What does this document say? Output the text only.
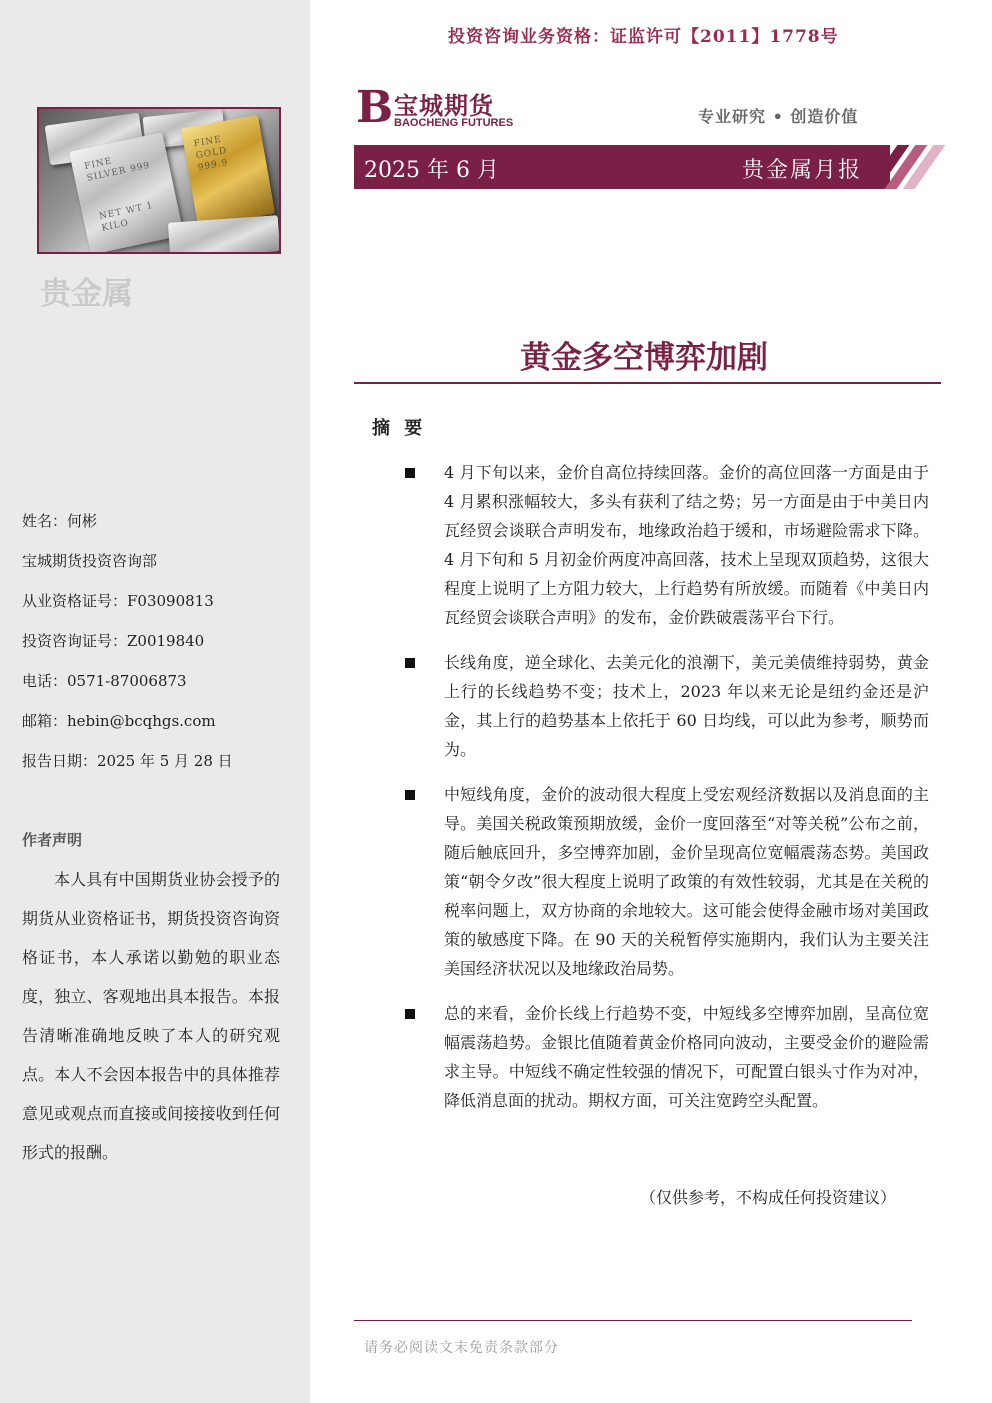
FINE SILVER 999
NET WT 1 KILO
FINE GOLD 999.9
贵金属
姓名：何彬
宝城期货投资咨询部
从业资格证号：F03090813
投资咨询证号：Z0019840
电话：0571-87006873
邮箱：hebin@bcqhgs.com
报告日期：2025 年 5 月 28 日
作者声明
本人具有中国期货业协会授予的期货从业资格证书，期货投资咨询资格证书，本人承诺以勤勉的职业态度，独立、客观地出具本报告。本报告清晰准确地反映了本人的研究观点。本人不会因本报告中的具体推荐意见或观点而直接或间接接收到任何形式的报酬。
投资咨询业务资格：证监许可【2011】1778号
B 宝城期货
BAOCHENG FUTURES	专业研究 • 创造价值
2025 年 6 月	贵金属月报
黄金多空博弈加剧
摘 要
4 月下旬以来，金价自高位持续回落。金价的高位回落一方面是由于 4 月累积涨幅较大，多头有获利了结之势；另一方面是由于中美日内瓦经贸会谈联合声明发布，地缘政治趋于缓和，市场避险需求下降。4 月下旬和 5 月初金价两度冲高回落，技术上呈现双顶趋势，这很大程度上说明了上方阻力较大，上行趋势有所放缓。而随着《中美日内瓦经贸会谈联合声明》的发布，金价跌破震荡平台下行。
长线角度，逆全球化、去美元化的浪潮下，美元美债维持弱势，黄金上行的长线趋势不变；技术上，2023 年以来无论是纽约金还是沪金，其上行的趋势基本上依托于 60 日均线，可以此为参考，顺势而为。
中短线角度，金价的波动很大程度上受宏观经济数据以及消息面的主导。美国关税政策预期放缓，金价一度回落至“对等关税”公布之前，随后触底回升，多空博弈加剧，金价呈现高位宽幅震荡态势。美国政策“朝令夕改”很大程度上说明了政策的有效性较弱，尤其是在关税的税率问题上，双方协商的余地较大。这可能会使得金融市场对美国政策的敏感度下降。在 90 天的关税暂停实施期内，我们认为主要关注美国经济状况以及地缘政治局势。
总的来看，金价长线上行趋势不变，中短线多空博弈加剧，呈高位宽幅震荡趋势。金银比值随着黄金价格同向波动，主要受金价的避险需求主导。中短线不确定性较强的情况下，可配置白银头寸作为对冲，降低消息面的扰动。期权方面，可关注宽跨空头配置。
（仅供参考，不构成任何投资建议）
请务必阅读文末免责条款部分
